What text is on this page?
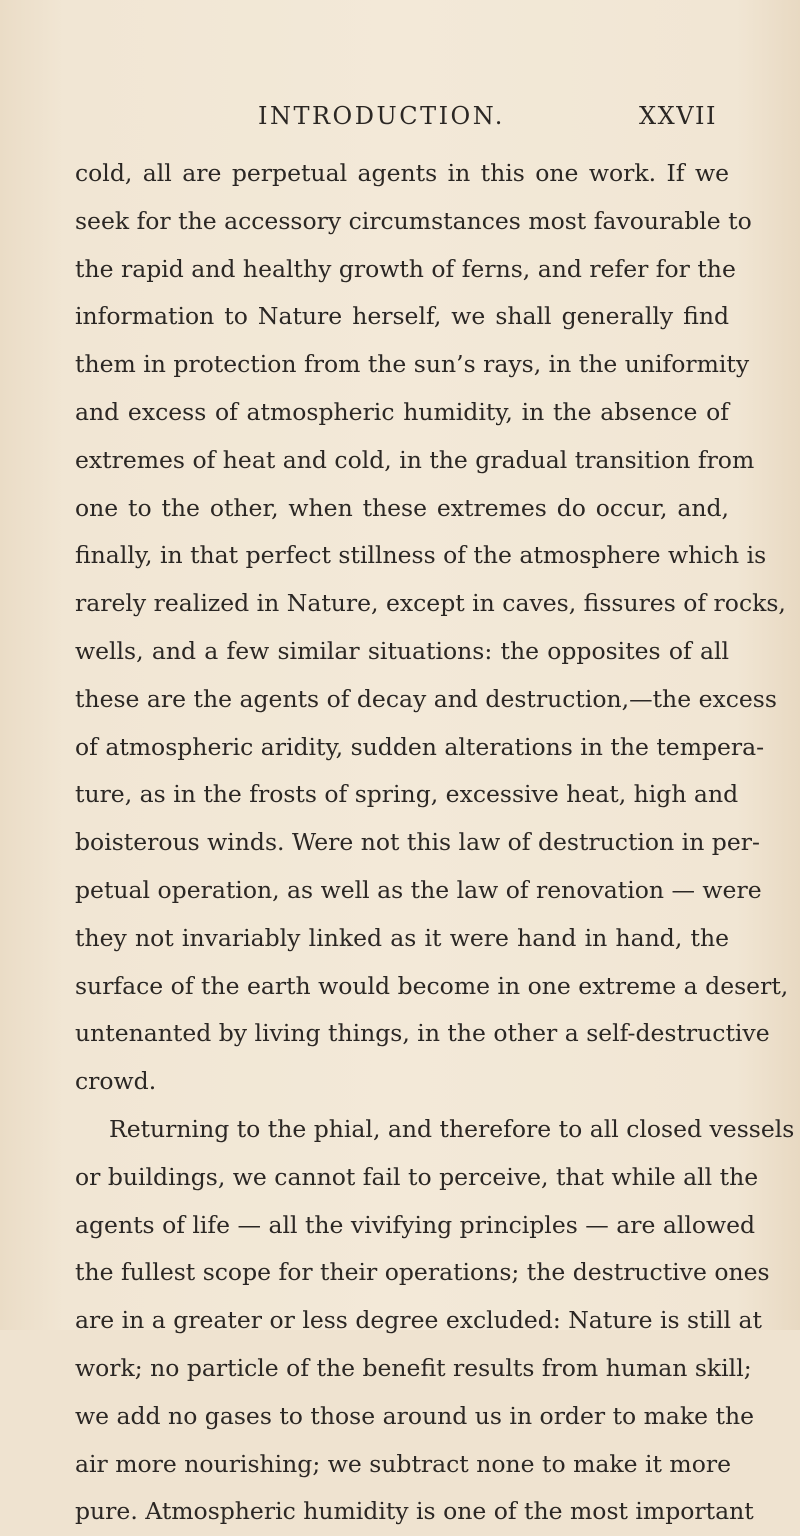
INTRODUCTION.	XXVII
cold, all are perpetual agents in this one work. If we
seek for the accessory circumstances most favourable to
the rapid and healthy growth of ferns, and refer for the
information to Nature herself, we shall generally find
them in protection from the sun’s rays, in the uniformity
and excess of atmospheric humidity, in the absence of
extremes of heat and cold, in the gradual transition from
one to the other, when these extremes do occur, and,
finally, in that perfect stillness of the atmosphere which is
rarely realized in Nature, except in caves, fissures of rocks,
wells, and a few similar situations: the opposites of all
these are the agents of decay and destruction,—the excess
of atmospheric aridity, sudden alterations in the tempera-
ture, as in the frosts of spring, excessive heat, high and
boisterous winds. Were not this law of destruction in per-
petual operation, as well as the law of renovation — were
they not invariably linked as it were hand in hand, the
surface of the earth would become in one extreme a desert,
untenanted by living things, in the other a self-destructive
crowd.
Returning to the phial, and therefore to all closed vessels
or buildings, we cannot fail to perceive, that while all the
agents of life — all the vivifying principles — are allowed
the fullest scope for their operations; the destructive ones
are in a greater or less degree excluded: Nature is still at
work; no particle of the benefit results from human skill;
we add no gases to those around us in order to make the
air more nourishing; we subtract none to make it more
pure. Atmospheric humidity is one of the most important
